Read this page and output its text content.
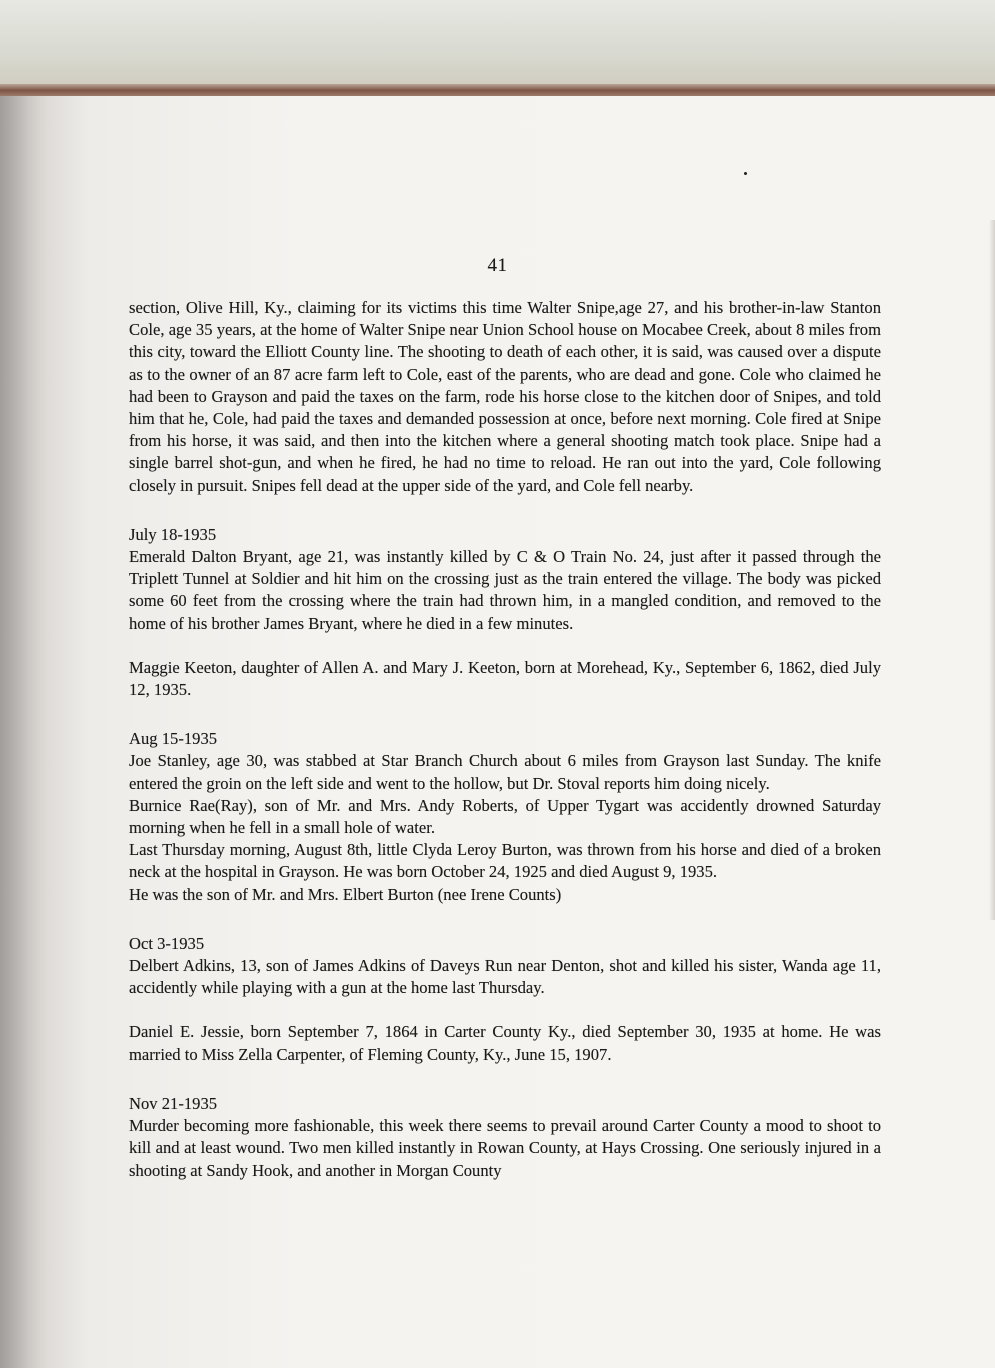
41

section, Olive Hill, Ky., claiming for its victims this time Walter Snipe,age 27, and his brother-in-law Stanton Cole, age 35 years, at the home of Walter Snipe near Union School house on Mocabee Creek, about 8 miles from this city, toward the Elliott County line. The shooting to death of each other, it is said, was caused over a dispute as to the owner of an 87 acre farm left to Cole, east of the parents, who are dead and gone. Cole who claimed he had been to Grayson and paid the taxes on the farm, rode his horse close to the kitchen door of Snipes, and told him that he, Cole, had paid the taxes and demanded possession at once, before next morning. Cole fired at Snipe from his horse, it was said, and then into the kitchen where a general shooting match took place. Snipe had a single barrel shot-gun, and when he fired, he had no time to reload. He ran out into the yard, Cole following closely in pursuit. Snipes fell dead at the upper side of the yard, and Cole fell nearby.

July 18-1935

Emerald Dalton Bryant, age 21, was instantly killed by C & O Train No. 24, just after it passed through the Triplett Tunnel at Soldier and hit him on the crossing just as the train entered the village. The body was picked some 60 feet from the crossing where the train had thrown him, in a mangled condition, and removed to the home of his brother James Bryant, where he died in a few minutes.

Maggie Keeton, daughter of Allen A. and Mary J. Keeton, born at Morehead, Ky., September 6, 1862, died July 12, 1935.

Aug 15-1935

Joe Stanley, age 30, was stabbed at Star Branch Church about 6 miles from Grayson last Sunday. The knife entered the groin on the left side and went to the hollow, but Dr. Stoval reports him doing nicely.

Burnice Rae(Ray), son of Mr. and Mrs. Andy Roberts, of Upper Tygart was accidently drowned Saturday morning when he fell in a small hole of water.

Last Thursday morning, August 8th, little Clyda Leroy Burton, was thrown from his horse and died of a broken neck at the hospital in Grayson. He was born October 24, 1925 and died August 9, 1935.

He was the son of Mr. and Mrs. Elbert Burton (nee Irene Counts)

Oct 3-1935

Delbert Adkins, 13, son of James Adkins of Daveys Run near Denton, shot and killed his sister, Wanda age 11, accidently while playing with a gun at the home last Thursday.

Daniel E. Jessie, born September 7, 1864 in Carter County Ky., died September 30, 1935 at home. He was married to Miss Zella Carpenter, of Fleming County, Ky., June 15, 1907.

Nov 21-1935

Murder becoming more fashionable, this week there seems to prevail around Carter County a mood to shoot to kill and at least wound. Two men killed instantly in Rowan County, at Hays Crossing. One seriously injured in a shooting at Sandy Hook, and another in Morgan County
